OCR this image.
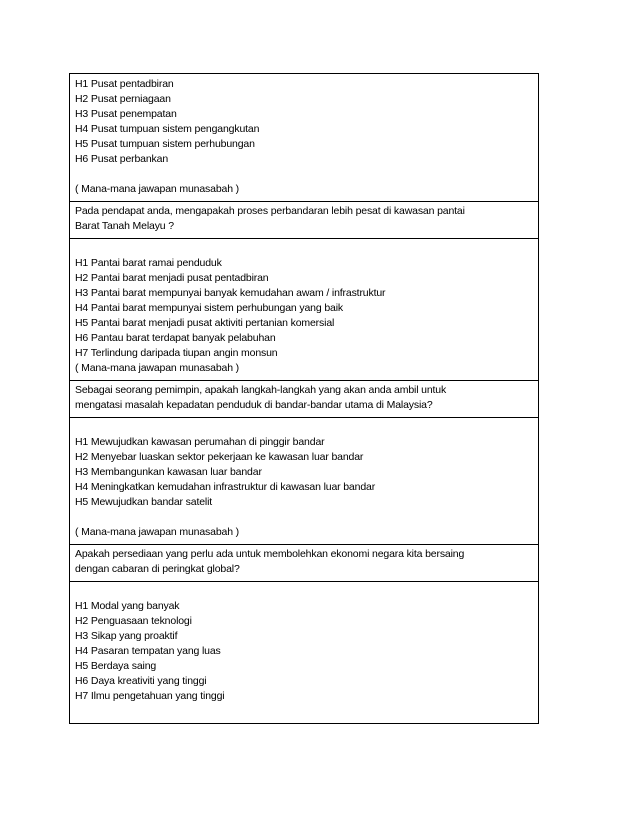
H1 Pusat pentadbiran
H2 Pusat perniagaan
H3 Pusat penempatan
H4 Pusat tumpuan sistem pengangkutan
H5 Pusat tumpuan sistem perhubungan
H6 Pusat perbankan
( Mana-mana jawapan munasabah )
Pada pendapat anda, mengapakah proses perbandaran lebih pesat di kawasan pantai
Barat Tanah Melayu ?
H1 Pantai barat ramai penduduk
H2 Pantai barat menjadi pusat pentadbiran
H3 Pantai barat mempunyai banyak kemudahan awam / infrastruktur
H4 Pantai barat mempunyai sistem perhubungan yang baik
H5 Pantai barat menjadi pusat aktiviti pertanian komersial
H6 Pantau barat terdapat banyak pelabuhan
H7 Terlindung daripada tiupan angin monsun
( Mana-mana jawapan munasabah )
Sebagai seorang pemimpin, apakah langkah-langkah yang akan anda ambil untuk
mengatasi masalah kepadatan penduduk di bandar-bandar utama di Malaysia?
H1 Mewujudkan kawasan perumahan di pinggir bandar
H2 Menyebar luaskan sektor pekerjaan ke kawasan luar bandar
H3 Membangunkan kawasan luar bandar
H4 Meningkatkan kemudahan infrastruktur di kawasan luar bandar
H5 Mewujudkan bandar satelit
( Mana-mana jawapan munasabah )
Apakah persediaan yang perlu ada untuk membolehkan ekonomi negara kita bersaing
dengan cabaran di peringkat global?
H1 Modal yang banyak
H2 Penguasaan teknologi
H3 Sikap yang proaktif
H4 Pasaran tempatan yang luas
H5 Berdaya saing
H6 Daya kreativiti yang tinggi
H7 Ilmu pengetahuan yang tinggi
